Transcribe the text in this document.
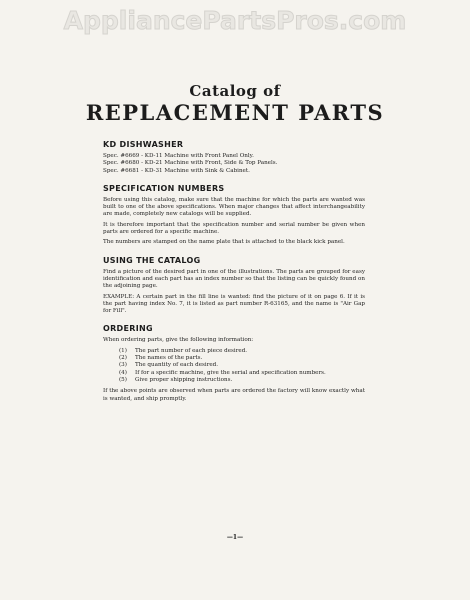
AppliancePartsPros.com
Catalog of
REPLACEMENT PARTS
KD DISHWASHER

Spec. #6669 - KD-11 Machine with Front Panel Only.

Spec. #6680 - KD-21 Machine with Front, Side & Top Panels.

Spec. #6681 - KD-31 Machine with Sink & Cabinet.

SPECIFICATION NUMBERS

Before using this catalog, make sure that the machine for which the parts are wanted was built to one of the above specifications. When major changes that affect interchangeability are made, completely new catalogs will be supplied.

It is therefore important that the specification number and serial number be given when parts are ordered for a specific machine.

The numbers are stamped on the name plate that is attached to the black kick panel.

USING THE CATALOG

Find a picture of the desired part in one of the illustrations. The parts are grouped for easy identification and each part has an index number so that the listing can be quickly found on the adjoining page.

EXAMPLE: A certain part in the fill line is wanted: find the picture of it on page 6. If it is the part having index No. 7, it is listed as part number R-63165, and the name is "Air Gap for Fill".

ORDERING

When ordering parts, give the following information:

(1)	The part number of each piece desired.
(2)	The names of the parts.
(3)	The quantity of each desired.
(4)	If for a specific machine, give the serial and specification numbers.
(5)	Give proper shipping instructions.

If the above points are observed when parts are ordered the factory will know exactly what is wanted, and ship promptly.

—1—
